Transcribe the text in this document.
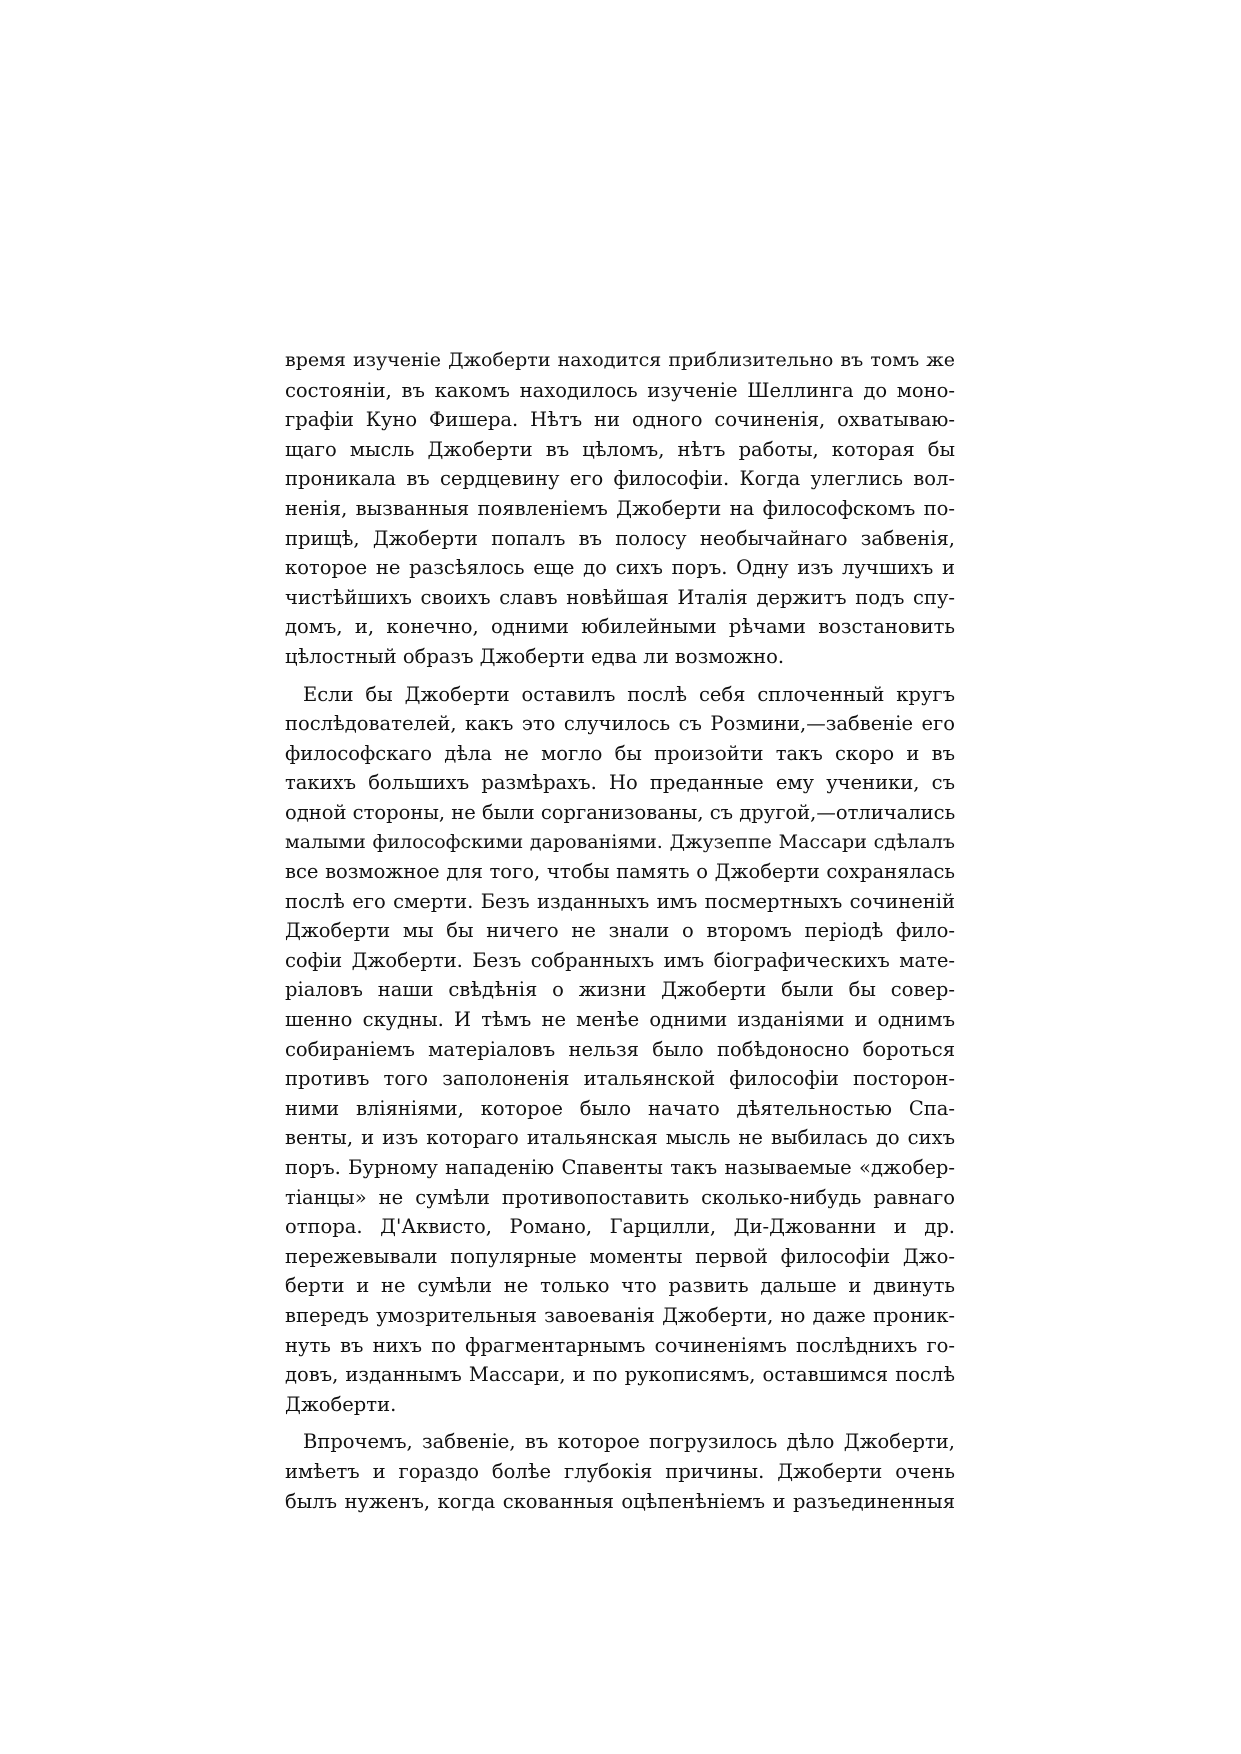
время изученіе Джоберти находится приблизительно въ томъ же
состояніи, въ какомъ находилось изученіе Шеллинга до моно-
графіи Куно Фишера. Нѣтъ ни одного сочиненія, охватываю-
щаго мысль Джоберти въ цѣломъ, нѣтъ работы, которая бы
проникала въ сердцевину его философіи. Когда улеглись вол-
ненія, вызванныя появленіемъ Джоберти на философскомъ по-
прищѣ, Джоберти попалъ въ полосу необычайнаго забвенія,
которое не разсѣялось еще до сихъ поръ. Одну изъ лучшихъ и
чистѣйшихъ своихъ славъ новѣйшая Италія держитъ подъ спу-
домъ, и, конечно, одними юбилейными рѣчами возстановить
цѣлостный образъ Джоберти едва ли возможно.
Если бы Джоберти оставилъ послѣ себя сплоченный кругъ
послѣдователей, какъ это случилось съ Розмини,—забвеніе его
философскаго дѣла не могло бы произойти такъ скоро и въ
такихъ большихъ размѣрахъ. Но преданные ему ученики, съ
одной стороны, не были сорганизованы, съ другой,—отличались
малыми философскими дарованіями. Джузеппе Массари сдѣлалъ
все возможное для того, чтобы память о Джоберти сохранялась
послѣ его смерти. Безъ изданныхъ имъ посмертныхъ сочиненій
Джоберти мы бы ничего не знали о второмъ періодѣ фило-
софіи Джоберти. Безъ собранныхъ имъ біографическихъ мате-
ріаловъ наши свѣдѣнія о жизни Джоберти были бы совер-
шенно скудны. И тѣмъ не менѣе одними изданіями и однимъ
собираніемъ матеріаловъ нельзя было побѣдоносно бороться
противъ того заполоненія итальянской философіи посторон-
ними вліяніями, которое было начато дѣятельностью Спа-
венты, и изъ котораго итальянская мысль не выбилась до сихъ
поръ. Бурному нападенію Спавенты такъ называемые «джобер-
тіанцы» не сумѣли противопоставить сколько-нибудь равнаго
отпора. Д'Аквисто, Романо, Гарцилли, Ди-Джованни и др.
пережевывали популярные моменты первой философіи Джо-
берти и не сумѣли не только что развить дальше и двинуть
впередъ умозрительныя завоеванія Джоберти, но даже проник-
нуть въ нихъ по фрагментарнымъ сочиненіямъ послѣднихъ го-
довъ, изданнымъ Массари, и по рукописямъ, оставшимся послѣ
Джоберти.
Впрочемъ, забвеніе, въ которое погрузилось дѣло Джоберти,
имѣетъ и гораздо болѣе глубокія причины. Джоберти очень
былъ нуженъ, когда скованныя оцѣпенѣніемъ и разъединенныя
